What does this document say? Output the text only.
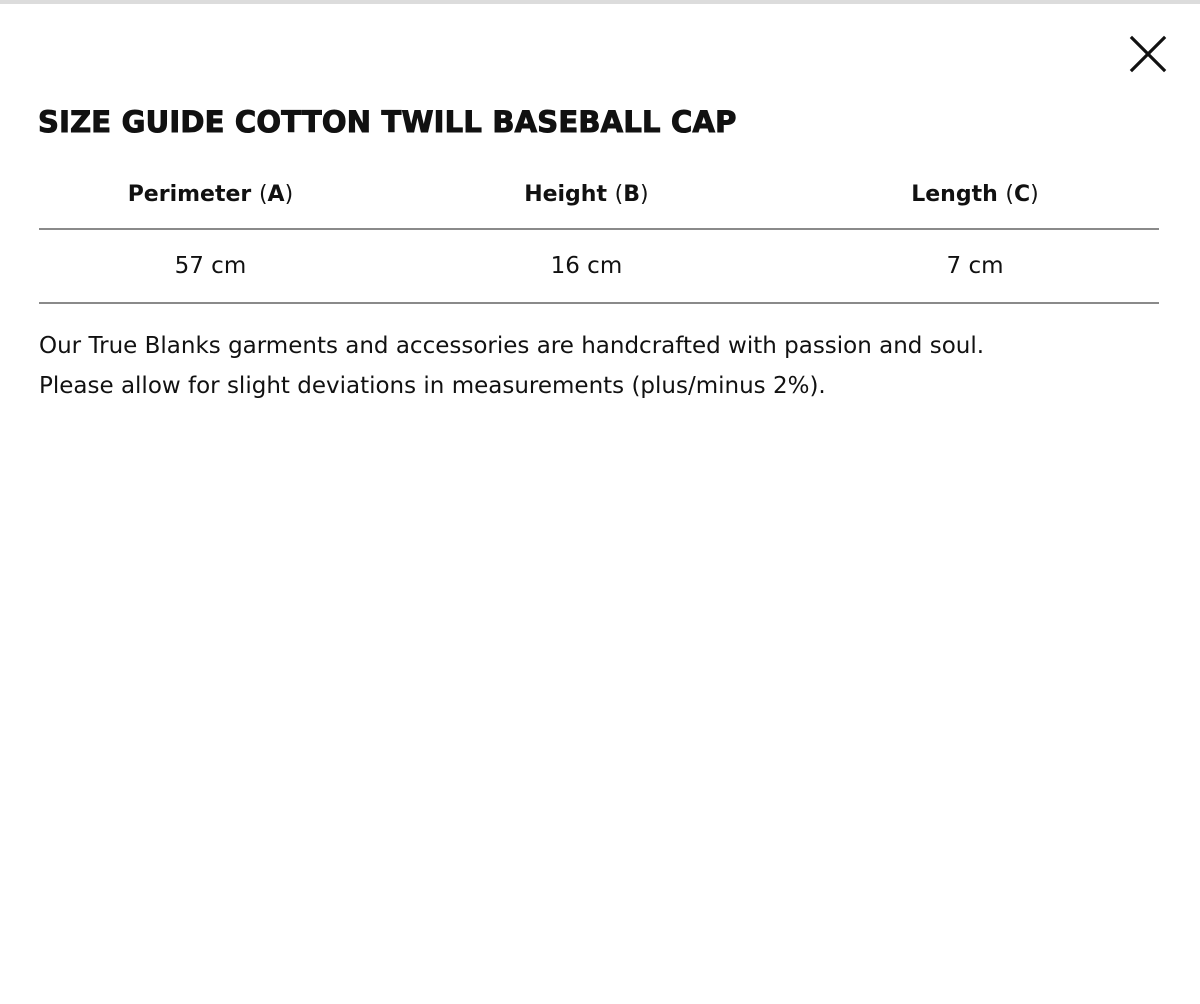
SIZE GUIDE COTTON TWILL BASEBALL CAP
Perimeter (A)	Height (B)	Length (C)
57 cm	16 cm	7 cm

Our True Blanks garments and accessories are handcrafted with passion and soul.
Please allow for slight deviations in measurements (plus/minus 2%).
